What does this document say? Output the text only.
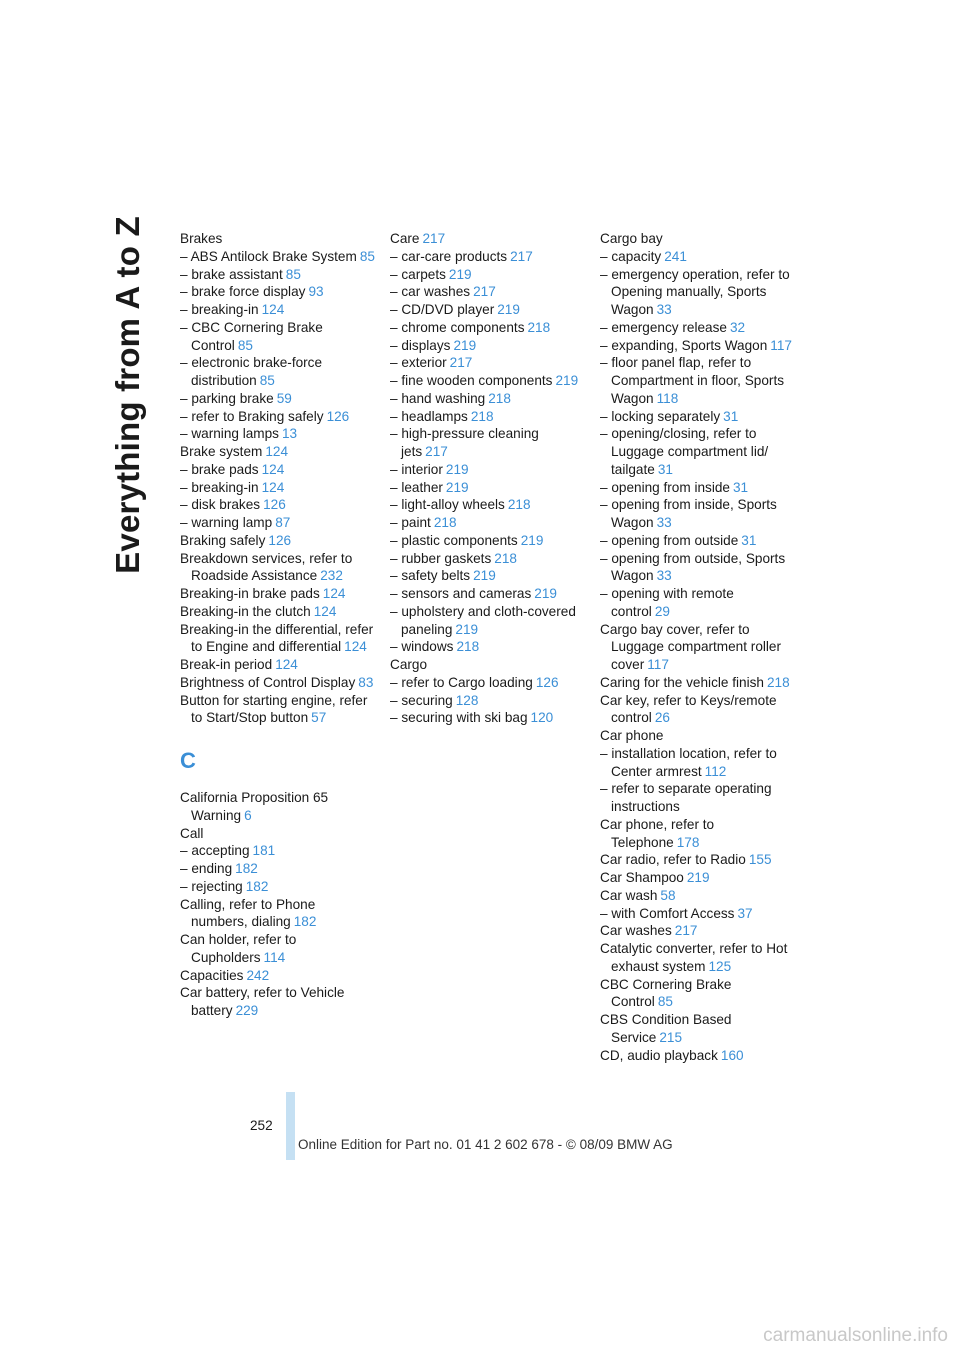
Everything from A to Z	Brakes
– ABS Antilock Brake System 85
– brake assistant 85
– brake force display 93
– breaking-in 124
– CBC Cornering Brake Control 85
– electronic brake-force distribution 85
– parking brake 59
– refer to Braking safely 126
– warning lamps 13
Brake system 124
– brake pads 124
– breaking-in 124
– disk brakes 126
– warning lamp 87
Braking safely 126
Breakdown services, refer to Roadside Assistance 232
Breaking-in brake pads 124
Breaking-in the clutch 124
Breaking-in the differential, refer to Engine and differential 124
Break-in period 124
Brightness of Control Display 83
Button for starting engine, refer to Start/Stop button 57
C
California Proposition 65 Warning 6
Call
– accepting 181
– ending 182
– rejecting 182
Calling, refer to Phone numbers, dialing 182
Can holder, refer to Cupholders 114
Capacities 242
Car battery, refer to Vehicle battery 229
Care 217
– car-care products 217
– carpets 219
– car washes 217
– CD/DVD player 219
– chrome components 218
– displays 219
– exterior 217
– fine wooden components 219
– hand washing 218
– headlamps 218
– high-pressure cleaning jets 217
– interior 219
– leather 219
– light-alloy wheels 218
– paint 218
– plastic components 219
– rubber gaskets 218
– safety belts 219
– sensors and cameras 219
– upholstery and cloth-covered paneling 219
– windows 218
Cargo
– refer to Cargo loading 126
– securing 128
– securing with ski bag 120
Cargo bay
– capacity 241
– emergency operation, refer to Opening manually, Sports Wagon 33
– emergency release 32
– expanding, Sports Wagon 117
– floor panel flap, refer to Compartment in floor, Sports Wagon 118
– locking separately 31
– opening/closing, refer to Luggage compartment lid/ tailgate 31
– opening from inside 31
– opening from inside, Sports Wagon 33
– opening from outside 31
– opening from outside, Sports Wagon 33
– opening with remote control 29
Cargo bay cover, refer to Luggage compartment roller cover 117
Caring for the vehicle finish 218
Car key, refer to Keys/remote control 26
Car phone
– installation location, refer to Center armrest 112
– refer to separate operating instructions
Car phone, refer to Telephone 178
Car radio, refer to Radio 155
Car Shampoo 219
Car wash 58
– with Comfort Access 37
Car washes 217
Catalytic converter, refer to Hot exhaust system 125
CBC Cornering Brake Control 85
CBS Condition Based Service 215
CD, audio playback 160
252
Online Edition for Part no. 01 41 2 602 678 - © 08/09 BMW AG
carmanualsonline.info
